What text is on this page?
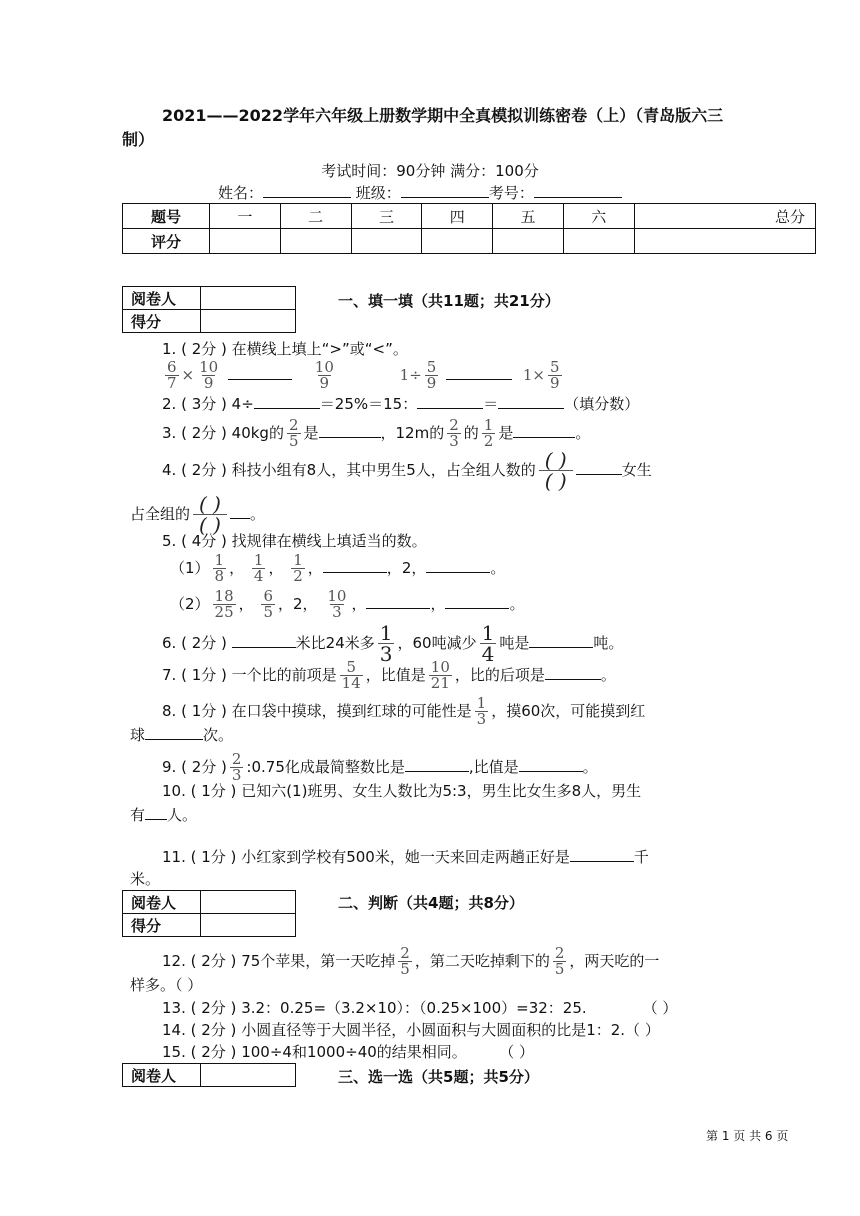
2021——2022学年六年级上册数学期中全真模拟训练密卷（上）（青岛版六三制）
考试时间：90分钟 满分：100分
姓名：	班级：	考号：
题号	一	二	三	四	五	六	总分
评分							
阅卷人	
得分	
一、填一填（共11题；共21分）
1. ( 2分 ) 在横线上填上“>”或“<”。
$\frac{6}{7} \times \frac{10}{9}$
	$\frac{10}{9}$	$1\div \frac{5}{9}$	$1\times \frac{5}{9}$
2. ( 3分 ) 4÷	＝25%＝15：	＝	（填分数）
3. ( 2分 ) 40kg的 $\frac{2}{5}$ 是	，12m的 $\frac{2}{3}$ 的 $\frac{1}{2}$ 是	。
4. ( 2分 ) 科技小组有8人，其中男生5人，占全组人数的 $\frac{( )}{( )}$	女生
占全组的 $\frac{( )}{( )}$ 。
5. ( 4分 ) 找规律在横线上填适当的数。
$(1) \frac{1}{8}$ ， $\frac{1}{4}$ ， $\frac{1}{2}$ ，	，2，	。
$(2) \frac{18}{25}$ ， $\frac{6}{5}$ ，2， $\frac{10}{3}$ ，	，	。
6. ( 2分 )	米比24米多 $\frac{1}{3}$ ，60吨减少 $\frac{1}{4}$ 吨是	吨。
7. ( 1分 ) 一个比的前项是 $\frac{5}{14}$ ，比值是 $\frac{10}{21}$ ，比的后项是	。
8. ( 1分 ) 在口袋中摸球，摸到红球的可能性是 $\frac{1}{3}$ ，摸60次，可能摸到红
球	次。
9. ( 2分 ) $\frac{2}{3}$ :0.75化成最简整数比是	,比值是	。
10. ( 1分 ) 已知六(1)班男、女生人数比为5:3，男生比女生多8人，男生
有 人。
11. ( 1分 ) 小红家到学校有500米，她一天来回走两趟正好是	千
米。
阅卷人	
得分	
二、判断（共4题；共8分）
12. ( 2分 ) 75个苹果，第一天吃掉 $\frac{2}{5}$ ，第二天吃掉剩下的 $\frac{2}{5}$ ，两天吃的一
样多。（ ）
13. ( 2分 ) 3.2：0.25=（3.2×10）：（0.25×100）=32：25.	（ ）
14. ( 2分 ) 小圆直径等于大圆半径，小圆面积与大圆面积的比是1：2.（ ）
15. ( 2分 ) 100÷4和1000÷40的结果相同。	（ ）
阅卷人		三、选一选（共5题；共5分）
第 1 页 共 6 页
